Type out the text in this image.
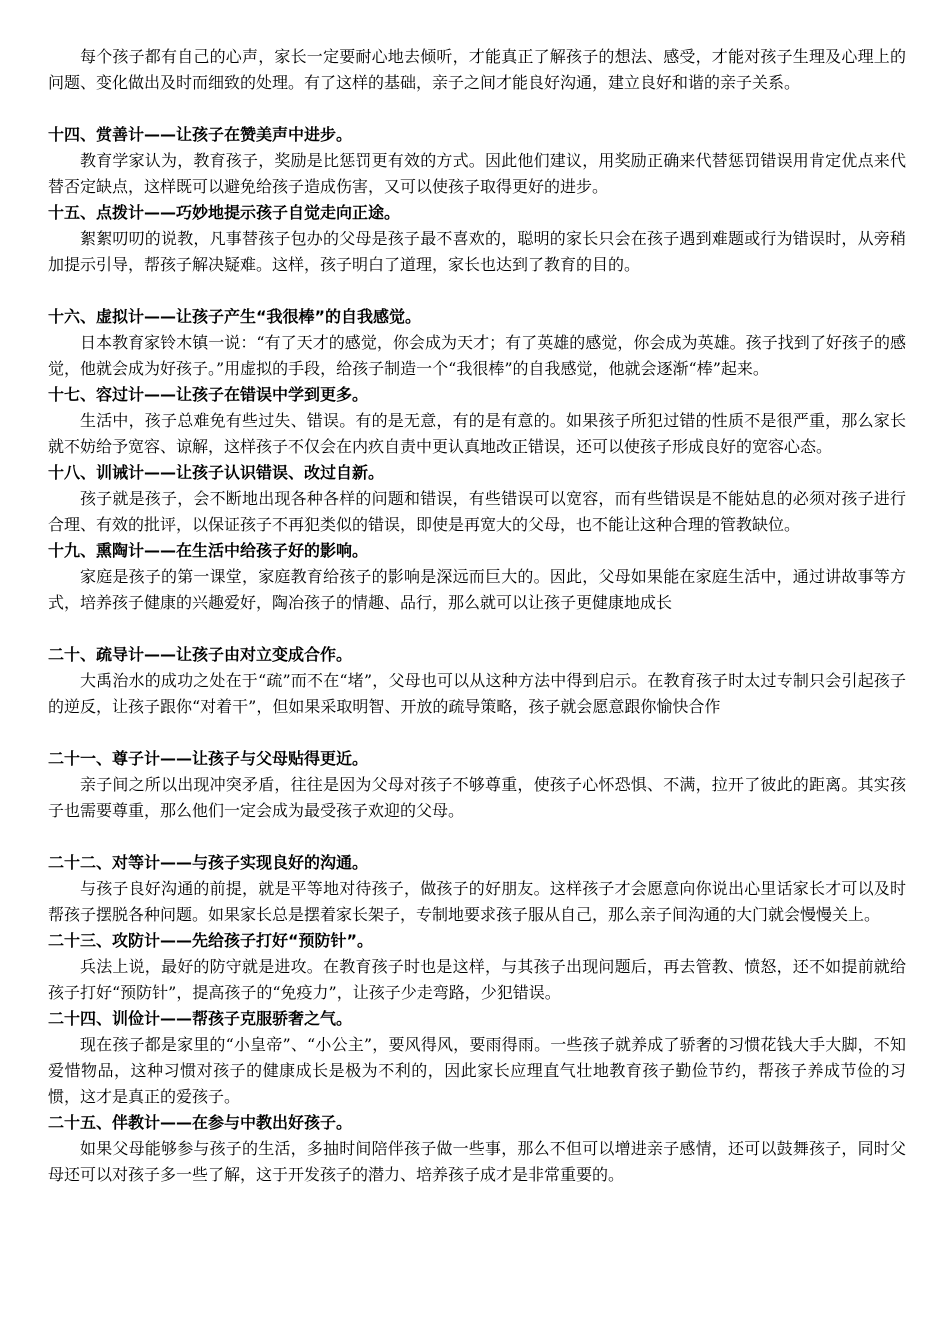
每个孩子都有自己的心声，家长一定要耐心地去倾听，才能真正了解孩子的想法、感受，才能对孩子生理及心理上的问题、变化做出及时而细致的处理。有了这样的基础，亲子之间才能良好沟通，建立良好和谐的亲子关系。

十四、赏善计——让孩子在赞美声中进步。

教育学家认为，教育孩子，奖励是比惩罚更有效的方式。因此他们建议，用奖励正确来代替惩罚错误用肯定优点来代替否定缺点，这样既可以避免给孩子造成伤害，又可以使孩子取得更好的进步。

十五、点拨计——巧妙地提示孩子自觉走向正途。

絮絮叨叨的说教，凡事替孩子包办的父母是孩子最不喜欢的，聪明的家长只会在孩子遇到难题或行为错误时，从旁稍加提示引导，帮孩子解决疑难。这样，孩子明白了道理，家长也达到了教育的目的。

十六、虚拟计——让孩子产生“我很棒”的自我感觉。

日本教育家铃木镇一说：“有了天才的感觉，你会成为天才；有了英雄的感觉，你会成为英雄。孩子找到了好孩子的感觉，他就会成为好孩子。”用虚拟的手段，给孩子制造一个“我很棒”的自我感觉，他就会逐渐“棒”起来。

十七、容过计——让孩子在错误中学到更多。

生活中，孩子总难免有些过失、错误。有的是无意，有的是有意的。如果孩子所犯过错的性质不是很严重，那么家长就不妨给予宽容、谅解，这样孩子不仅会在内疚自责中更认真地改正错误，还可以使孩子形成良好的宽容心态。

十八、训诫计——让孩子认识错误、改过自新。

孩子就是孩子，会不断地出现各种各样的问题和错误，有些错误可以宽容，而有些错误是不能姑息的必须对孩子进行合理、有效的批评，以保证孩子不再犯类似的错误，即使是再宽大的父母，也不能让这种合理的管教缺位。

十九、熏陶计——在生活中给孩子好的影响。

家庭是孩子的第一课堂，家庭教育给孩子的影响是深远而巨大的。因此，父母如果能在家庭生活中，通过讲故事等方式，培养孩子健康的兴趣爱好，陶冶孩子的情趣、品行，那么就可以让孩子更健康地成长

二十、疏导计——让孩子由对立变成合作。

大禹治水的成功之处在于“疏”而不在“堵”，父母也可以从这种方法中得到启示。在教育孩子时太过专制只会引起孩子的逆反，让孩子跟你“对着干”，但如果采取明智、开放的疏导策略，孩子就会愿意跟你愉快合作

二十一、尊子计——让孩子与父母贴得更近。

亲子间之所以出现冲突矛盾，往往是因为父母对孩子不够尊重，使孩子心怀恐惧、不满，拉开了彼此的距离。其实孩子也需要尊重，那么他们一定会成为最受孩子欢迎的父母。

二十二、对等计——与孩子实现良好的沟通。

与孩子良好沟通的前提，就是平等地对待孩子，做孩子的好朋友。这样孩子才会愿意向你说出心里话家长才可以及时帮孩子摆脱各种问题。如果家长总是摆着家长架子，专制地要求孩子服从自己，那么亲子间沟通的大门就会慢慢关上。

二十三、攻防计——先给孩子打好“预防针”。

兵法上说，最好的防守就是进攻。在教育孩子时也是这样，与其孩子出现问题后，再去管教、愤怒，还不如提前就给孩子打好“预防针”，提高孩子的“免疫力”，让孩子少走弯路，少犯错误。

二十四、训俭计——帮孩子克服骄奢之气。

现在孩子都是家里的“小皇帝”、“小公主”，要风得风，要雨得雨。一些孩子就养成了骄奢的习惯花钱大手大脚，不知爱惜物品，这种习惯对孩子的健康成长是极为不利的，因此家长应理直气壮地教育孩子勤俭节约，帮孩子养成节俭的习惯，这才是真正的爱孩子。

二十五、伴教计——在参与中教出好孩子。

如果父母能够参与孩子的生活，多抽时间陪伴孩子做一些事，那么不但可以增进亲子感情，还可以鼓舞孩子，同时父母还可以对孩子多一些了解，这于开发孩子的潜力、培养孩子成才是非常重要的。
